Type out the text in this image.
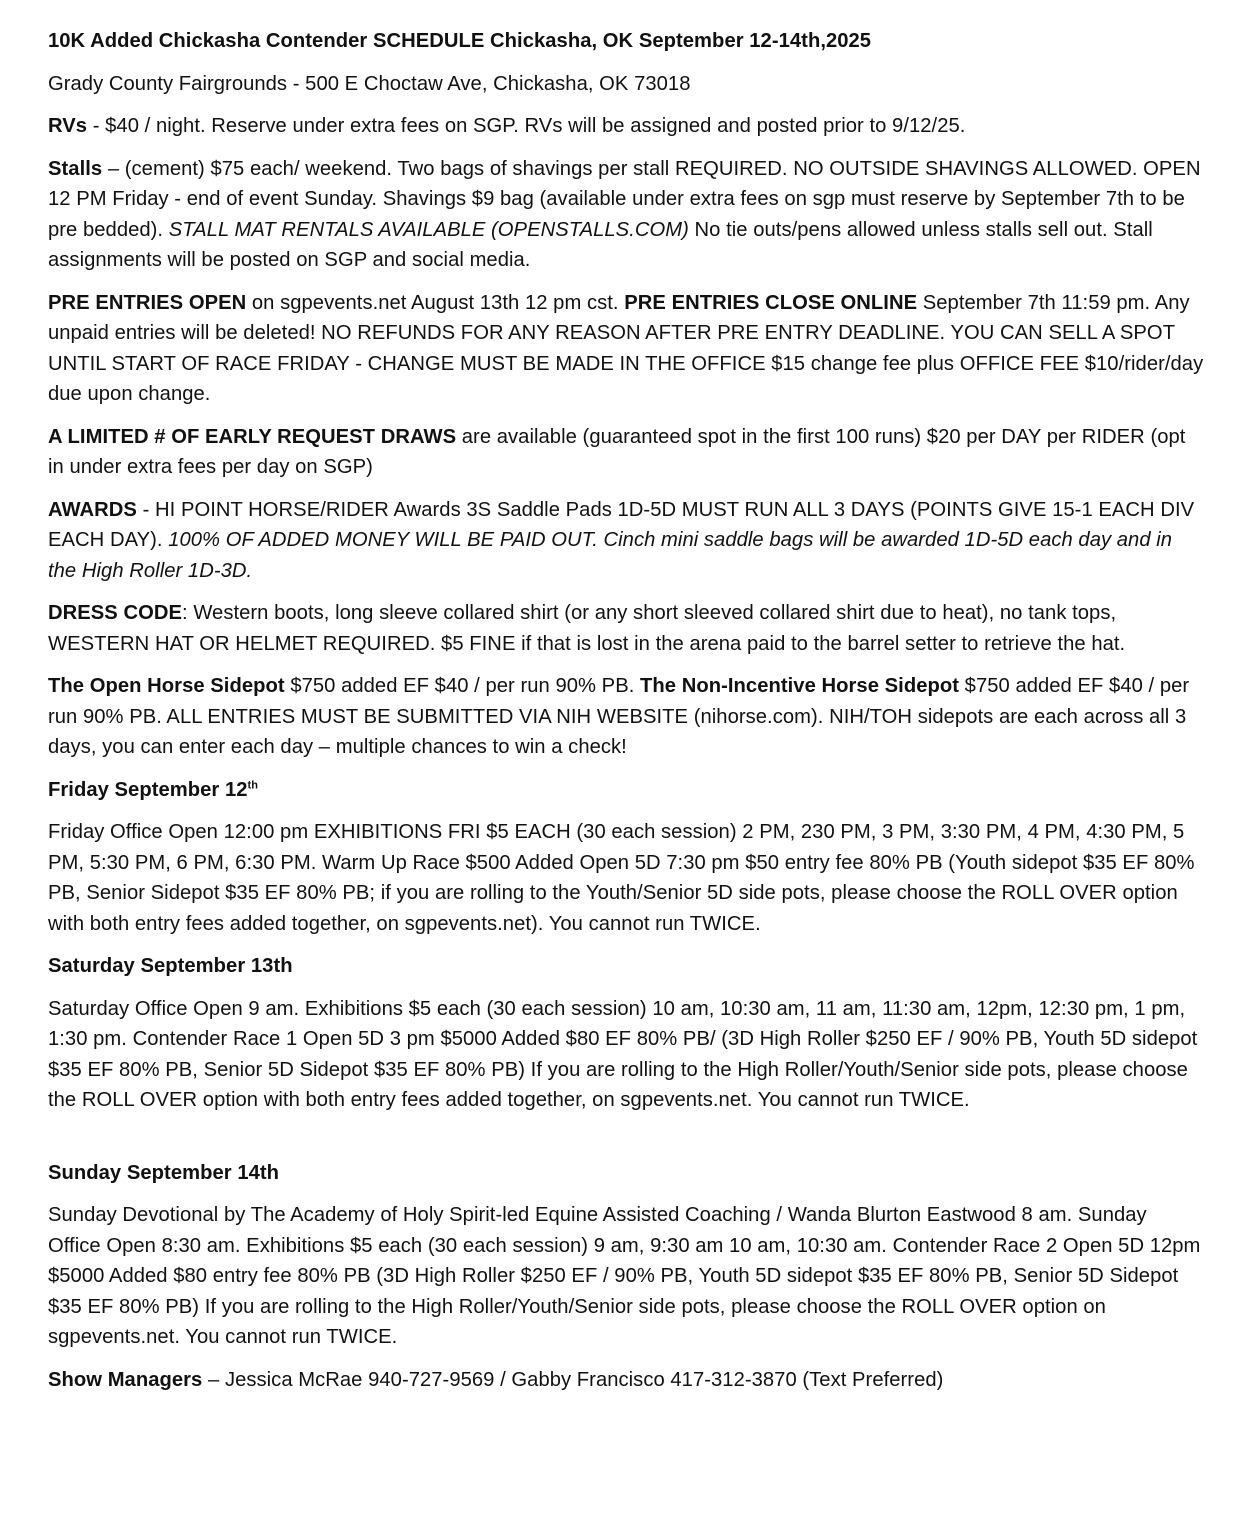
10K Added Chickasha Contender SCHEDULE Chickasha, OK September 12-14th,2025

Grady County Fairgrounds - 500 E Choctaw Ave, Chickasha, OK 73018

RVs - $40 / night. Reserve under extra fees on SGP. RVs will be assigned and posted prior to 9/12/25.

Stalls – (cement) $75 each/ weekend. Two bags of shavings per stall REQUIRED. NO OUTSIDE SHAVINGS ALLOWED. OPEN 12 PM Friday - end of event Sunday. Shavings $9 bag (available under extra fees on sgp must reserve by September 7th to be pre bedded). STALL MAT RENTALS AVAILABLE (OPENSTALLS.COM) No tie outs/pens allowed unless stalls sell out. Stall assignments will be posted on SGP and social media.

PRE ENTRIES OPEN on sgpevents.net August 13th 12 pm cst. PRE ENTRIES CLOSE ONLINE September 7th 11:59 pm. Any unpaid entries will be deleted! NO REFUNDS FOR ANY REASON AFTER PRE ENTRY DEADLINE. YOU CAN SELL A SPOT UNTIL START OF RACE FRIDAY - CHANGE MUST BE MADE IN THE OFFICE $15 change fee plus OFFICE FEE $10/rider/day due upon change.

A LIMITED # OF EARLY REQUEST DRAWS are available (guaranteed spot in the first 100 runs) $20 per DAY per RIDER (opt in under extra fees per day on SGP)

AWARDS - HI POINT HORSE/RIDER Awards 3S Saddle Pads 1D-5D MUST RUN ALL 3 DAYS (POINTS GIVE 15-1 EACH DIV EACH DAY). 100% OF ADDED MONEY WILL BE PAID OUT. Cinch mini saddle bags will be awarded 1D-5D each day and in the High Roller 1D-3D.

DRESS CODE: Western boots, long sleeve collared shirt (or any short sleeved collared shirt due to heat), no tank tops, WESTERN HAT OR HELMET REQUIRED. $5 FINE if that is lost in the arena paid to the barrel setter to retrieve the hat.

The Open Horse Sidepot $750 added EF $40 / per run 90% PB. The Non-Incentive Horse Sidepot $750 added EF $40 / per run 90% PB. ALL ENTRIES MUST BE SUBMITTED VIA NIH WEBSITE (nihorse.com). NIH/TOH sidepots are each across all 3 days, you can enter each day – multiple chances to win a check!

Friday September 12th

Friday Office Open 12:00 pm EXHIBITIONS FRI $5 EACH (30 each session) 2 PM, 230 PM, 3 PM, 3:30 PM, 4 PM, 4:30 PM, 5 PM, 5:30 PM, 6 PM, 6:30 PM. Warm Up Race $500 Added Open 5D 7:30 pm $50 entry fee 80% PB (Youth sidepot $35 EF 80% PB, Senior Sidepot $35 EF 80% PB; if you are rolling to the Youth/Senior 5D side pots, please choose the ROLL OVER option with both entry fees added together, on sgpevents.net). You cannot run TWICE.

Saturday September 13th

Saturday Office Open 9 am. Exhibitions $5 each (30 each session) 10 am, 10:30 am, 11 am, 11:30 am, 12pm, 12:30 pm, 1 pm, 1:30 pm. Contender Race 1 Open 5D 3 pm $5000 Added $80 EF 80% PB/ (3D High Roller $250 EF / 90% PB, Youth 5D sidepot $35 EF 80% PB, Senior 5D Sidepot $35 EF 80% PB) If you are rolling to the High Roller/Youth/Senior side pots, please choose the ROLL OVER option with both entry fees added together, on sgpevents.net. You cannot run TWICE.

Sunday September 14th

Sunday Devotional by The Academy of Holy Spirit-led Equine Assisted Coaching / Wanda Blurton Eastwood 8 am. Sunday Office Open 8:30 am. Exhibitions $5 each (30 each session) 9 am, 9:30 am 10 am, 10:30 am. Contender Race 2 Open 5D 12pm $5000 Added $80 entry fee 80% PB (3D High Roller $250 EF / 90% PB, Youth 5D sidepot $35 EF 80% PB, Senior 5D Sidepot $35 EF 80% PB) If you are rolling to the High Roller/Youth/Senior side pots, please choose the ROLL OVER option on sgpevents.net. You cannot run TWICE.

Show Managers – Jessica McRae 940-727-9569 / Gabby Francisco 417-312-3870 (Text Preferred)
